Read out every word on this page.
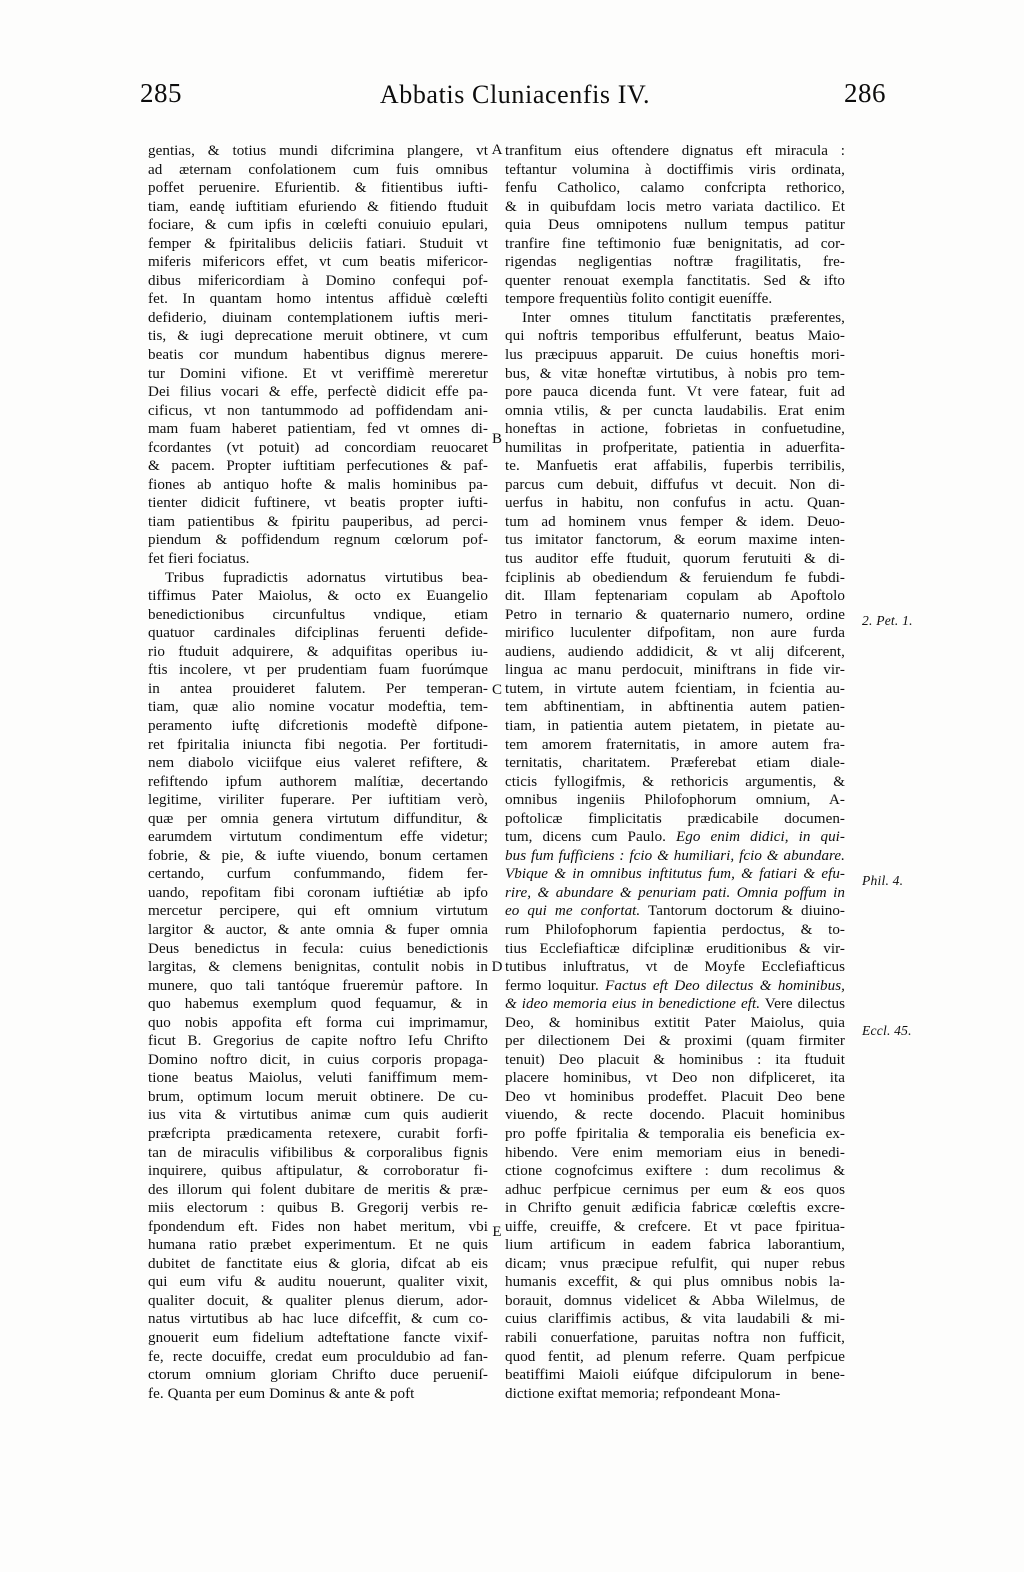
285	Abbatis Cluniacenfis IV.	286

gentias, & totius mundi difcrimina plangere, vt

ad æternam confolationem cum fuis omnibus

poffet peruenire. Efurientib. & fitientibus iufti-

tiam, eandę iuftitiam efuriendo & fitiendo ftuduit

fociare, & cum ipfis in cœlefti conuiuio epulari,

femper & fpiritalibus deliciis fatiari. Studuit vt

miferis mifericors effet, vt cum beatis mifericor-

dibus mifericordiam à Domino confequi pof-

fet. In quantam homo intentus affiduè cœlefti

defiderio, diuinam contemplationem iuftis meri-

tis, & iugi deprecatione meruit obtinere, vt cum

beatis cor mundum habentibus dignus merere-

tur Domini vifione. Et vt veriffimè mereretur

Dei filius vocari & effe, perfectè didicit effe pa-

cificus, vt non tantummodo ad poffidendam ani-

mam fuam haberet patientiam, fed vt omnes di-

fcordantes (vt potuit) ad concordiam reuocaret

& pacem. Propter iuftitiam perfecutiones & paf-

fiones ab antiquo hofte & malis hominibus pa-

tienter didicit fuftinere, vt beatis propter iufti-

tiam patientibus & fpiritu pauperibus, ad perci-

piendum & poffidendum regnum cœlorum pof-

fet fieri fociatus.

Tribus fupradictis adornatus virtutibus bea-

tiffimus Pater Maiolus, & octo ex Euangelio

benedictionibus circunfultus vndique, etiam

quatuor cardinales difciplinas feruenti defide-

rio ftuduit adquirere, & adquifitas operibus iu-

ftis incolere, vt per prudentiam fuam fuorúmque

in antea prouideret falutem. Per temperan-

tiam, quæ alio nomine vocatur modeftia, tem-

peramento iuftę difcretionis modeftè difpone-

ret fpiritalia iniuncta fibi negotia. Per fortitudi-

nem diabolo viciifque eius valeret refiftere, &

refiftendo ipfum authorem malítiæ, decertando

legitime, viriliter fuperare. Per iuftitiam verò,

quæ per omnia genera virtutum diffunditur, &

earumdem virtutum condimentum effe videtur;

fobrie, & pie, & iufte viuendo, bonum certamen

certando, curfum confummando, fidem fer-

uando, repofitam fibi coronam iuftiétiæ ab ipfo

mercetur percipere, qui eft omnium virtutum

largitor & auctor, & ante omnia & fuper omnia

Deus benedictus in fecula: cuius benedictionis

largitas, & clemens benignitas, contulit nobis in

munere, quo tali tantóque frueremu̇r paftore. In

quo habemus exemplum quod fequamur, & in

quo nobis appofita eft forma cui imprimamur,

ficut B. Gregorius de capite noftro Iefu Chrifto

Domino noftro dicit, in cuius corporis propaga-

tione beatus Maiolus, veluti faniffimum mem-

brum, optimum locum meruit obtinere. De cu-

ius vita & virtutibus animæ cum quis audierit

præfcripta prædicamenta retexere, curabit forfi-

tan de miraculis vifibilibus & corporalibus fignis

inquirere, quibus aftipulatur, & corroboratur fi-

des illorum qui folent dubitare de meritis & præ-

miis electorum : quibus B. Gregorij verbis re-

fpondendum eft. Fides non habet meritum, vbi

humana ratio præbet experimentum. Et ne quis

dubitet de fanctitate eius & gloria, difcat ab eis

qui eum vifu & auditu nouerunt, qualiter vixit,

qualiter docuit, & qualiter plenus dierum, ador-

natus virtutibus ab hac luce difceffit, & cum co-

gnouerit eum fidelium adteftatione fancte vixif-

fe, recte docuiffe, credat eum proculdubio ad fan-

ctorum omnium gloriam Chrifto duce perueniſ-

fe. Quanta per eum Dominus & ante & poft

A
B
C
D
E

tranfitum eius oftendere dignatus eft miracula :

teftantur volumina à doctiffimis viris ordinata,

fenfu Catholico, calamo confcripta rethorico,

& in quibufdam locis metro variata dactilico. Et

quia Deus omnipotens nullum tempus patitur

tranfire fine teftimonio fuæ benignitatis, ad cor-

rigendas negligentias noftræ fragilitatis, fre-

quenter renouat exempla fanctitatis. Sed & ifto

tempore frequentiùs folito contigit eueníffe.

Inter omnes titulum fanctitatis præferentes,

qui noftris temporibus effulferunt, beatus Maio-

lus præcipuus apparuit. De cuius honeftis mori-

bus, & vitæ honeftæ virtutibus, à nobis pro tem-

pore pauca dicenda funt. Vt vere fatear, fuit ad

omnia vtilis, & per cuncta laudabilis. Erat enim

honeftas in actione, fobrietas in confuetudine,

humilitas in profperitate, patientia in aduerfita-

te. Manfuetis erat affabilis, fuperbis terribilis,

parcus cum debuit, diffufus vt decuit. Non di-

uerfus in habitu, non confufus in actu. Quan-

tum ad hominem vnus femper & idem. Deuo-

tus imitator fanctorum, & eorum maxime inten-

tus auditor effe ftuduit, quorum ferutuiti & di-

fciplinis ab obediendum & feruiendum fe fubdi-

dit. Illam feptenariam copulam ab Apoftolo

Petro in ternario & quaternario numero, ordine

mirifico luculenter difpofitam, non aure furda

audiens, audiendo addidicit, & vt alij difcerent,

lingua ac manu perdocuit, miniftrans in fide vir-

tutem, in virtute autem fcientiam, in fcientia au-

tem abftinentiam, in abftinentia autem patien-

tiam, in patientia autem pietatem, in pietate au-

tem amorem fraternitatis, in amore autem fra-

ternitatis, charitatem. Præferebat etiam diale-

cticis fyllogifmis, & rethoricis argumentis, &

omnibus ingeniis Philofophorum omnium, A-

poftolicæ fimplicitatis prædicabile documen-

tum, dicens cum Paulo. Ego enim didici, in qui-

bus fum fufficiens : fcio & humiliari, fcio & abundare.

Vbique & in omnibus inftitutus fum, & fatiari & efu-

rire, & abundare & penuriam pati. Omnia poffum in

eo qui me confortat. Tantorum doctorum & diuino-

rum Philofophorum fapientia perdoctus, & to-

tius Ecclefiafticæ difciplinæ eruditionibus & vir-

tutibus inluftratus, vt de Moyfe Ecclefiafticus

fermo loquitur. Factus eft Deo dilectus & hominibus,

& ideo memoria eius in benedictione eft. Vere dilectus

Deo, & hominibus extitit Pater Maiolus, quia

per dilectionem Dei & proximi (quam firmiter

tenuit) Deo placuit & hominibus : ita ftuduit

placere hominibus, vt Deo non difpliceret, ita

Deo vt hominibus prodeffet. Placuit Deo bene

viuendo, & recte docendo. Placuit hominibus

pro poffe fpiritalia & temporalia eis beneficia ex-

hibendo. Vere enim memoriam eius in benedi-

ctione cognofcimus exiftere : dum recolimus &

adhuc perfpicue cernimus per eum & eos quos

in Chrifto genuit ædificia fabricæ cœleftis excre-

uiffe, creuiffe, & crefcere. Et vt pace fpiritua-

lium artificum in eadem fabrica laborantium,

dicam; vnus præcipue refulfit, qui nuper rebus

humanis exceffit, & qui plus omnibus nobis la-

borauit, domnus videlicet & Abba Wilelmus, de

cuius clariffimis actibus, & vita laudabili & mi-

rabili conuerfatione, paruitas noftra non fufficit,

quod fentit, ad plenum referre. Quam perfpicue

beatiffimi Maioli eiúfque difcipulorum in bene-

dictione exiftat memoria; refpondeant Mona-

2. Pet. 1.
Phil. 4.
Eccl. 45.
